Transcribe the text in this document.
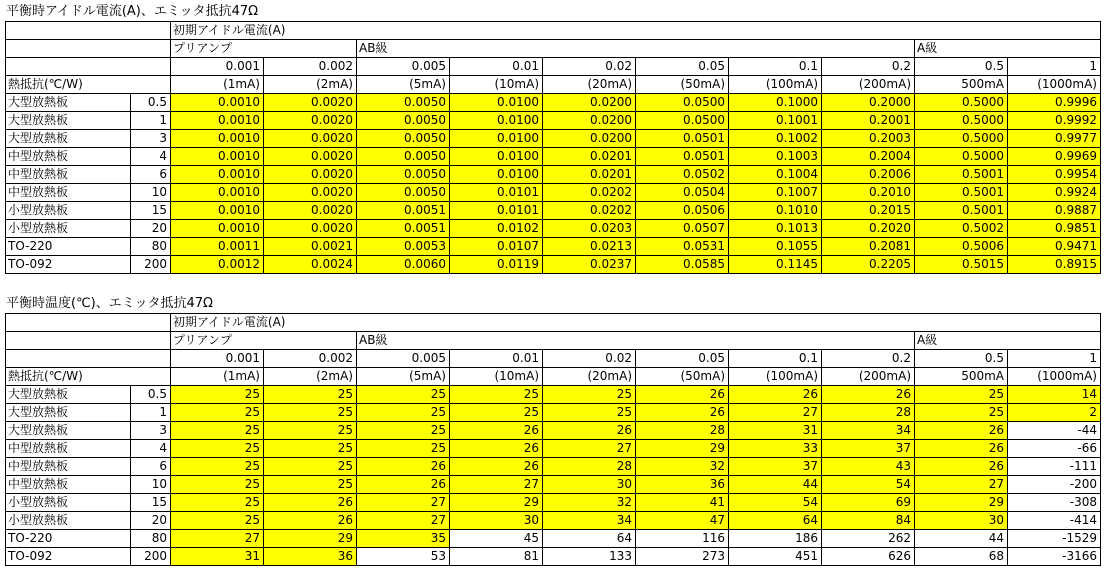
平衡時アイドル電流(A)、エミッタ抵抗47Ω
		初期アイドル電流(A)									
		プリアンプ		AB級						A級	
		0.001	0.002	0.005	0.01	0.02	0.05	0.1	0.2	0.5	1
熱抵抗(℃/W)		(1mA)	(2mA)	(5mA)	(10mA)	(20mA)	(50mA)	(100mA)	(200mA)	500mA	(1000mA)
大型放熱板	0.5	0.0010	0.0020	0.0050	0.0100	0.0200	0.0500	0.1000	0.2000	0.5000	0.9996
大型放熱板	1	0.0010	0.0020	0.0050	0.0100	0.0200	0.0500	0.1001	0.2001	0.5000	0.9992
大型放熱板	3	0.0010	0.0020	0.0050	0.0100	0.0200	0.0501	0.1002	0.2003	0.5000	0.9977
中型放熱板	4	0.0010	0.0020	0.0050	0.0100	0.0201	0.0501	0.1003	0.2004	0.5000	0.9969
中型放熱板	6	0.0010	0.0020	0.0050	0.0100	0.0201	0.0502	0.1004	0.2006	0.5001	0.9954
中型放熱板	10	0.0010	0.0020	0.0050	0.0101	0.0202	0.0504	0.1007	0.2010	0.5001	0.9924
小型放熱板	15	0.0010	0.0020	0.0051	0.0101	0.0202	0.0506	0.1010	0.2015	0.5001	0.9887
小型放熱板	20	0.0010	0.0020	0.0051	0.0102	0.0203	0.0507	0.1013	0.2020	0.5002	0.9851
TO-220	80	0.0011	0.0021	0.0053	0.0107	0.0213	0.0531	0.1055	0.2081	0.5006	0.9471
TO-092	200	0.0012	0.0024	0.0060	0.0119	0.0237	0.0585	0.1145	0.2205	0.5015	0.8915
平衡時温度(℃)、エミッタ抵抗47Ω
		初期アイドル電流(A)									
		プリアンプ		AB級						A級	
		0.001	0.002	0.005	0.01	0.02	0.05	0.1	0.2	0.5	1
熱抵抗(℃/W)		(1mA)	(2mA)	(5mA)	(10mA)	(20mA)	(50mA)	(100mA)	(200mA)	500mA	(1000mA)
大型放熱板	0.5	25	25	25	25	25	26	26	26	25	14
大型放熱板	1	25	25	25	25	25	26	27	28	25	2
大型放熱板	3	25	25	25	26	26	28	31	34	26	-44
中型放熱板	4	25	25	25	26	27	29	33	37	26	-66
中型放熱板	6	25	25	26	26	28	32	37	43	26	-111
中型放熱板	10	25	25	26	27	30	36	44	54	27	-200
小型放熱板	15	25	26	27	29	32	41	54	69	29	-308
小型放熱板	20	25	26	27	30	34	47	64	84	30	-414
TO-220	80	27	29	35	45	64	116	186	262	44	-1529
TO-092	200	31	36	53	81	133	273	451	626	68	-3166
